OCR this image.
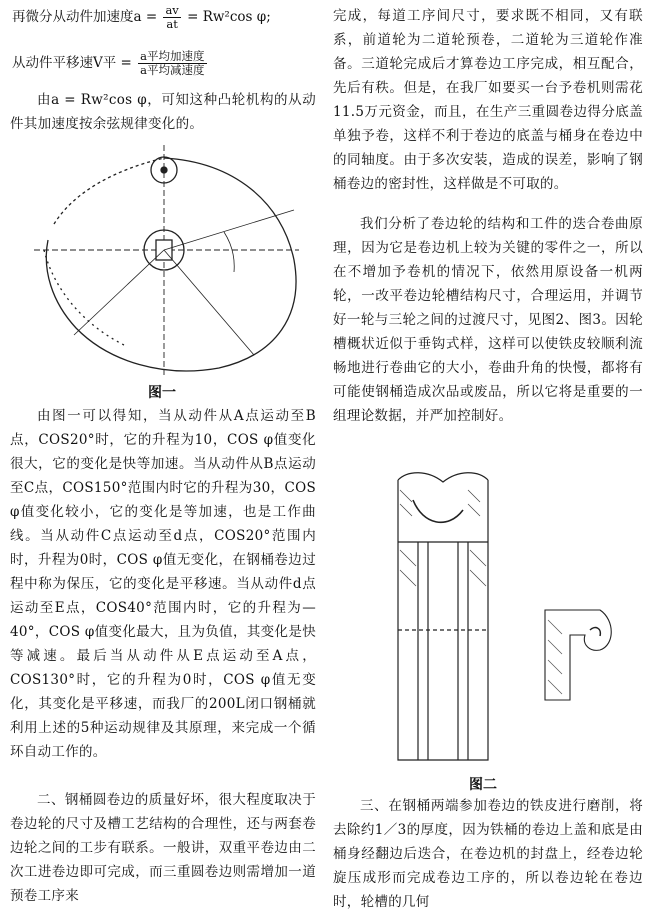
再微分从动件加速度$a = \frac{av}{at} = Rw^2\cos$ φ;
从动件平移速V平 = $\frac{\text{a平均加速度}}{\text{a平均减速度}}$

由a = Rw²cos φ，可知这种凸轮机构的从动件其加速度按余弦规律变化的。

图一

由图一可以得知，当从动件从A点运动至B点，COS20°时，它的升程为10，COS φ值变化很大，它的变化是快等加速。当从动件从B点运动至C点，COS150°范围内时它的升程为30，COS φ值变化较小，它的变化是等加速，也是工作曲线。当从动件C点运动至d点，COS20°范围内时，升程为0时，COS φ值无变化，在钢桶卷边过程中称为保压，它的变化是平移速。当从动件d点运动至E点，COS40°范围内时，它的升程为—40°，COS φ值变化最大，且为负值，其变化是快等减速。最后当从动件从E点运动至A点，COS130°时，它的升程为0时，COS φ值无变化，其变化是平移速，而我厂的200L闭口钢桶就利用上述的5种运动规律及其原理，来完成一个循环自动工作的。

二、钢桶圆卷边的质量好坏，很大程度取决于卷边轮的尺寸及槽工艺结构的合理性，还与两套卷边轮之间的工步有联系。一般讲，双重平卷边由二次工进卷边即可完成，而三重圆卷边则需增加一道预卷工序来

完成，每道工序间尺寸，要求既不相同，又有联系，前道轮为二道轮预卷，二道轮为三道轮作准备。三道轮完成后才算卷边工序完成，相互配合，先后有秩。但是，在我厂如要买一台予卷机则需花11.5万元资金，而且，在生产三重圆卷边得分底盖单独予卷，这样不利于卷边的底盖与桶身在卷边中的同轴度。由于多次安装，造成的误差，影响了钢桶卷边的密封性，这样做是不可取的。

我们分析了卷边轮的结构和工件的迭合卷曲原理，因为它是卷边机上较为关键的零件之一，所以在不增加予卷机的情况下，依然用原设备一机两轮，一改平卷边轮槽结构尺寸，合理运用，并调节好一轮与三轮之间的过渡尺寸，见图2、图3。因轮槽概状近似于垂钩式样，这样可以使铁皮较顺利流畅地进行卷曲它的大小，卷曲升角的快慢，都将有可能使钢桶造成次品或废品，所以它将是重要的一组理论数据，并严加控制好。

图二

三、在钢桶两端参加卷边的铁皮进行磨削，将去除约1／3的厚度，因为铁桶的卷边上盖和底是由桶身经翻边后迭合，在卷边机的封盘上，经卷边轮旋压成形而完成卷边工序的，所以卷边轮在卷边时，轮槽的几何
